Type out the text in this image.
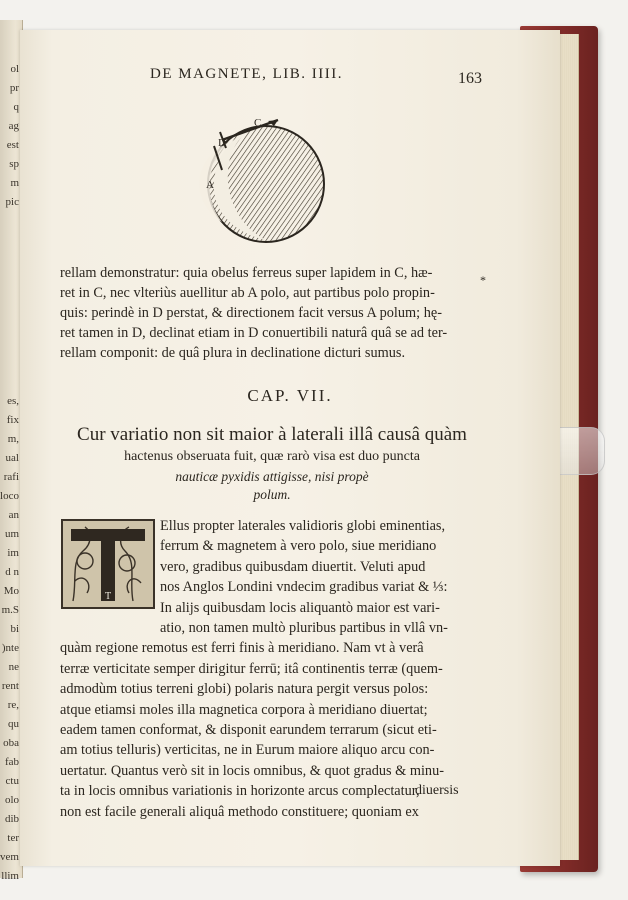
ol
pr
q
ag
est
sp
m
pic
es,
fix
m,
ual
rafi
loco
an
um
im
d n
Mo
m.S
bi
)nte
ne
rent
re,
qu
oba
fab
ctu
olo
dib
ter
vem
llim
DE MAGNETE, LIB. IIII.	163
C
D
A
*
rellam demonstratur: quia obelus ferreus super lapidem in C, hæ-
ret in C, nec vlteriùs auellitur ab A polo, aut partibus polo propin-
quis: perindè in D perstat, & directionem facit versus A polum; hę-
ret tamen in D, declinat etiam in D conuertibili naturâ quâ se ad ter-
rellam componit: de quâ plura in declinatione dicturi sumus.
CAP. VII.
Cur variatio non sit maior à laterali illâ causâ quàm
hactenus obseruata fuit, quæ rarò visa est duo puncta
nauticæ pyxidis attigisse, nisi propè
polum.
T
Ellus propter laterales validioris globi eminentias,
ferrum & magnetem à vero polo, siue meridiano
vero, gradibus quibusdam diuertit. Veluti apud
nos Anglos Londini vndecim gradibus variat & ⅓:
In alijs quibusdam locis aliquantò maior est vari-
atio, non tamen multò pluribus partibus in vllâ vn-
quàm regione remotus est ferri finis à meridiano. Nam vt à verâ
terræ verticitate semper dirigitur ferrū; itâ continentis terræ (quem-
admodùm totius terreni globi) polaris natura pergit versus polos:
atque etiamsi moles illa magnetica corpora à meridiano diuertat;
eadem tamen conformat, & disponit earundem terrarum (sicut eti-
am totius telluris) verticitas, ne in Eurum maiore aliquo arcu con-
uertatur. Quantus verò sit in locis omnibus, & quot gradus & minu-
ta in locis omnibus variationis in horizonte arcus complectatur,
non est facile generali aliquâ methodo constituere; quoniam ex
diuersis
